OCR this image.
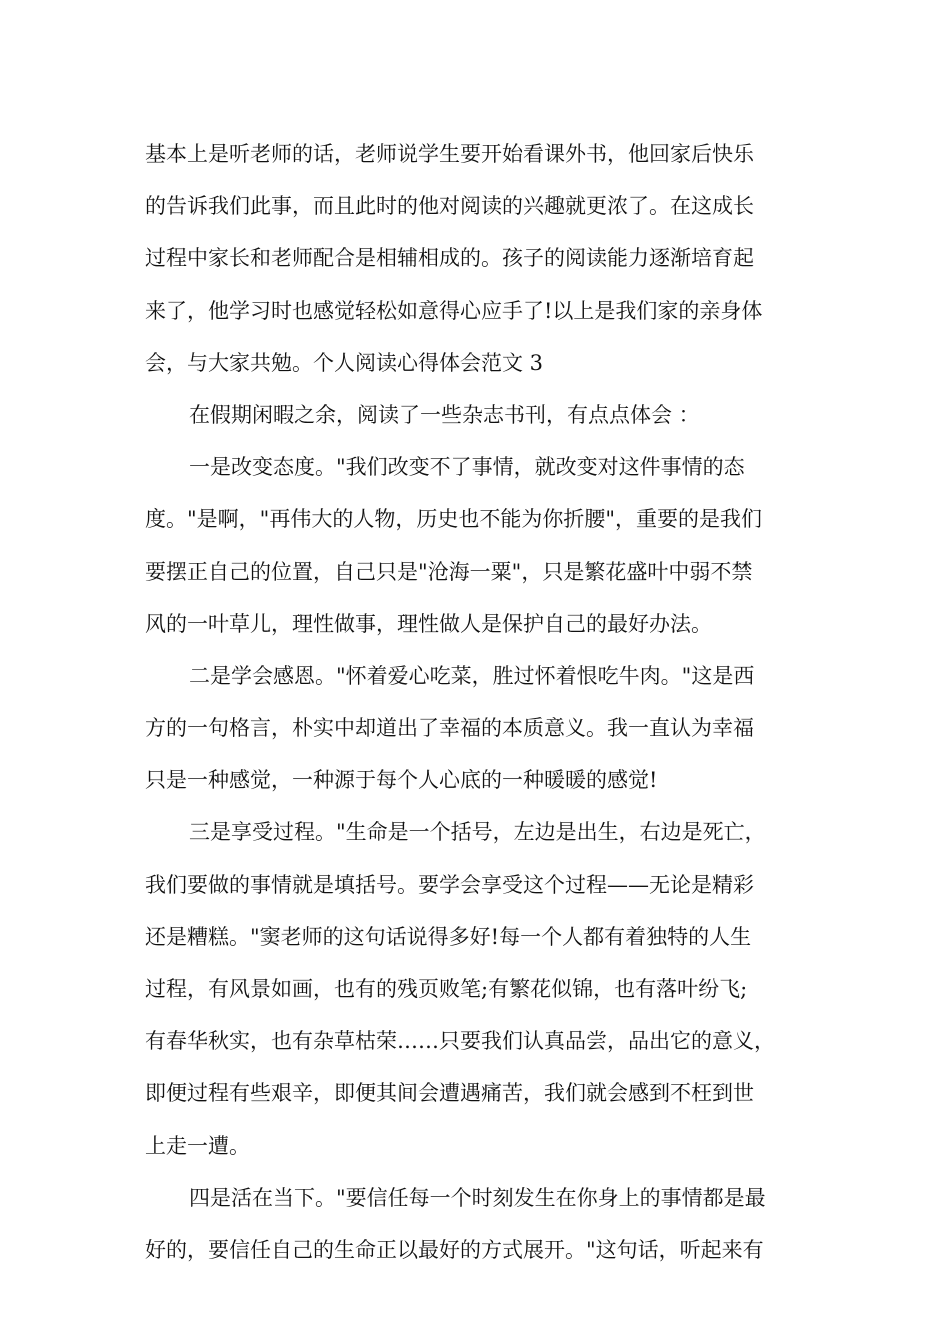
基本上是听老师的话，老师说学生要开始看课外书，他回家后快乐
的告诉我们此事，而且此时的他对阅读的兴趣就更浓了。在这成长
过程中家长和老师配合是相辅相成的。孩子的阅读能力逐渐培育起
来了，他学习时也感觉轻松如意得心应手了!以上是我们家的亲身体
会，与大家共勉。个人阅读心得体会范文 3
在假期闲暇之余，阅读了一些杂志书刊，有点点体会 ：
一是改变态度。"我们改变不了事情，就改变对这件事情的态
度。"是啊，"再伟大的人物，历史也不能为你折腰"，重要的是我们
要摆正自己的位置，自己只是"沧海一粟"，只是繁花盛叶中弱不禁
风的一叶草儿，理性做事，理性做人是保护自己的最好办法。
二是学会感恩。"怀着爱心吃菜，胜过怀着恨吃牛肉。"这是西
方的一句格言，朴实中却道出了幸福的本质意义。我一直认为幸福
只是一种感觉，一种源于每个人心底的一种暖暖的感觉!
三是享受过程。"生命是一个括号，左边是出生，右边是死亡，
我们要做的事情就是填括号。要学会享受这个过程——无论是精彩
还是糟糕。"窦老师的这句话说得多好!每一个人都有着独特的人生
过程，有风景如画，也有的残页败笔;有繁花似锦，也有落叶纷飞;
有春华秋实，也有杂草枯荣……只要我们认真品尝，品出它的意义，
即便过程有些艰辛，即便其间会遭遇痛苦，我们就会感到不枉到世
上走一遭。
四是活在当下。"要信任每一个时刻发生在你身上的事情都是最
好的，要信任自己的生命正以最好的方式展开。"这句话，听起来有
